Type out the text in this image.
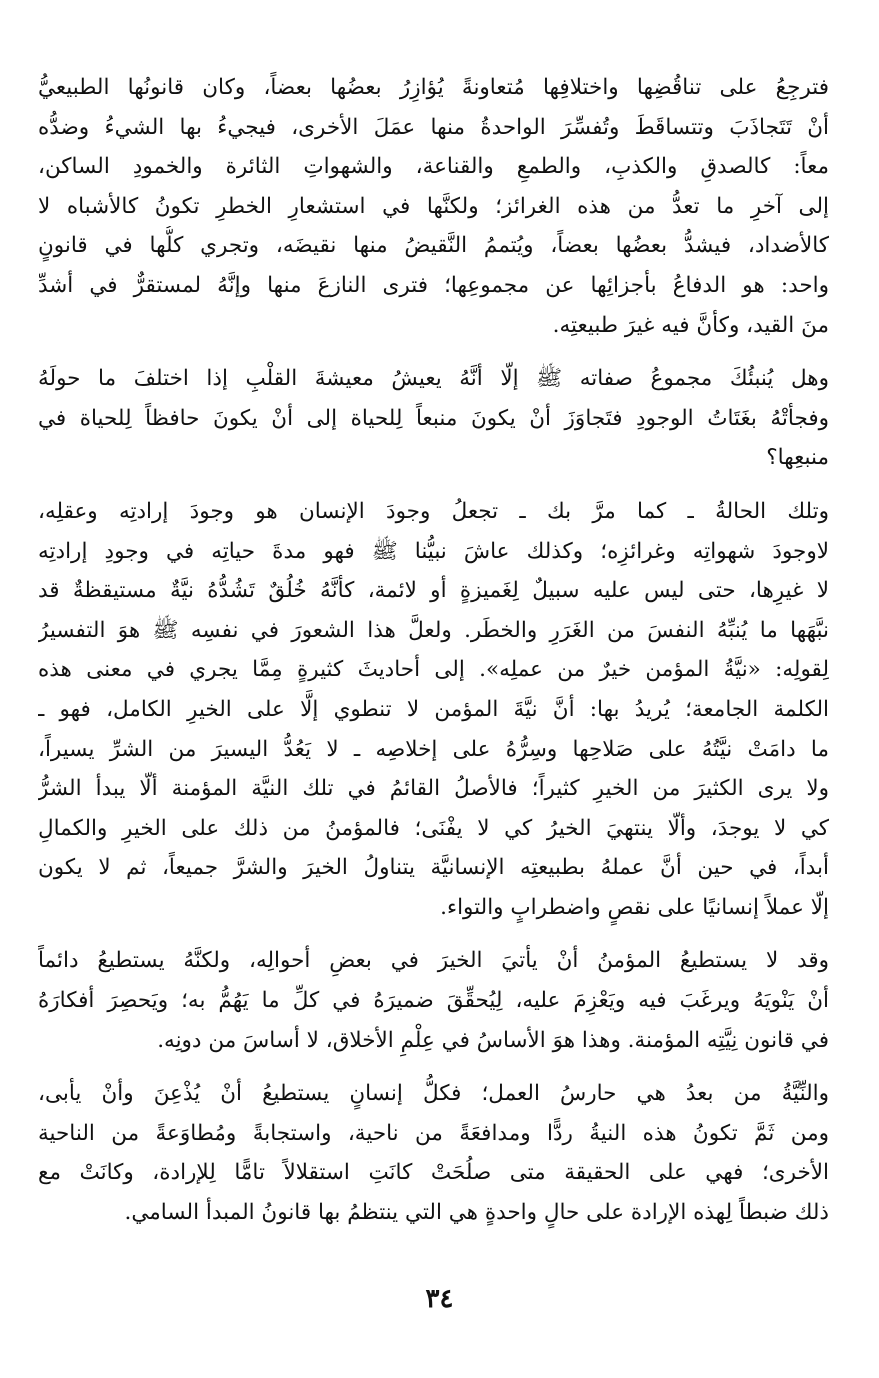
فترجِعُ على تناقُضِها واختلافِها مُتعاونةً يُؤازِرُ بعضُها بعضاً، وكان قانونُها الطبيعيُّ
أنْ تَتَجاذَبَ وتتساقَطَ وتُفسِّرَ الواحدةُ منها عمَلَ الأخرى، فيجيءُ بها الشيءُ وضدُّه
معاً: كالصدقِ والكذبِ، والطمعِ والقناعة، والشهواتِ الثائرة والخمودِ الساكن،
إلى آخرِ ما تعدُّ من هذه الغرائز؛ ولكنَّها في استشعارِ الخطرِ تكونُ كالأشباه لا
كالأضداد، فيشدُّ بعضُها بعضاً، ويُتممُ النَّقيضُ منها نقيضَه، وتجري كلُّها في قانونٍ
واحد: هو الدفاعُ بأجزائِها عن مجموعِها؛ فترى النازعَ منها وإنَّهُ لمستقرٌّ في أشدِّ
منَ القيد، وكأنَّ فيه غيرَ طبيعتِه.
وهل يُنبئُكَ مجموعُ صفاته ﷺ إلّا أنَّهُ يعيشُ معيشةَ القلْبِ إذا اختلفَ ما حولَهُ
وفجأتْهُ بغَتَاتُ الوجودِ فتَجاوَزَ أنْ يكونَ منبعاً لِلحياة إلى أنْ يكونَ حافظاً لِلحياة في
منبعِها؟
وتلك الحالةُ ـ كما مرَّ بك ـ تجعلُ وجودَ الإنسان هو وجودَ إرادتِه وعقلِه،
لاوجودَ شهواتِه وغرائزِه؛ وكذلك عاشَ نبيُّنا ﷺ فهو مدةَ حياتِه في وجودِ إرادتِه
لا غيرِها، حتى ليس عليه سبيلٌ لِغَميزةٍ أو لائمة، كأنَّهُ خُلُقٌ تَشُدُّهُ نيَّةٌ مستيقظةٌ قد
نبَّهَها ما يُنبِّهُ النفسَ من الغَرَرِ والخطَر. ولعلَّ هذا الشعورَ في نفسِه ﷺ هوَ التفسيرُ
لِقولِه: «نيَّةُ المؤمن خيرٌ من عملِه». إلى أحاديثَ كثيرةٍ مِمَّا يجري في معنى هذه
الكلمة الجامعة؛ يُريدُ بها: أنَّ نيَّةَ المؤمن لا تنطوي إلَّا على الخيرِ الكامل، فهو ـ
ما دامَتْ نيَّتُهُ على صَلاحِها وسِرُّهُ على إخلاصِه ـ لا يَعُدُّ اليسيرَ من الشرِّ يسيراً،
ولا يرى الكثيرَ من الخيرِ كثيراً؛ فالأصلُ القائمُ في تلك النيَّة المؤمنة ألّا يبدأ الشرُّ
كي لا يوجدَ، وألّا ينتهيَ الخيرُ كي لا يفْنَى؛ فالمؤمنُ من ذلك على الخيرِ والكمالِ
أبداً، في حين أنَّ عملهُ بطبيعتِه الإنسانيَّة يتناولُ الخيرَ والشرَّ جميعاً، ثم لا يكون
إلّا عملاً إنسانيًا على نقصٍ واضطرابٍ والتواء.
وقد لا يستطيعُ المؤمنُ أنْ يأتيَ الخيرَ في بعضِ أحوالِه، ولكنَّهُ يستطيعُ دائماً
أنْ يَنْويَهُ ويرغَبَ فيه ويَعْزِمَ عليه، لِيُحقِّقَ ضميرَهُ في كلِّ ما يَهُمُّ به؛ ويَحصِرَ أفكارَهُ
في قانون نِيَّتِه المؤمنة. وهذا هوَ الأساسُ في عِلْمِ الأخلاق، لا أساسَ من دونِه.
والنِّيَّةُ من بعدُ هي حارسُ العمل؛ فكلُّ إنسانٍ يستطيعُ أنْ يُذْعِنَ وأنْ يأبى،
ومن ثَمَّ تكونُ هذه النيةُ ردًّا ومدافعَةً من ناحية، واستجابةً ومُطاوَعةً من الناحية
الأخرى؛ فهي على الحقيقة متى صلُحَتْ كانَتِ استقلالاً تامًّا لِلإرادة، وكانَتْ مع
ذلك ضبطاً لِهذه الإرادة على حالٍ واحدةٍ هي التي ينتظمُ بها قانونُ المبدأ السامي.
٣٤
